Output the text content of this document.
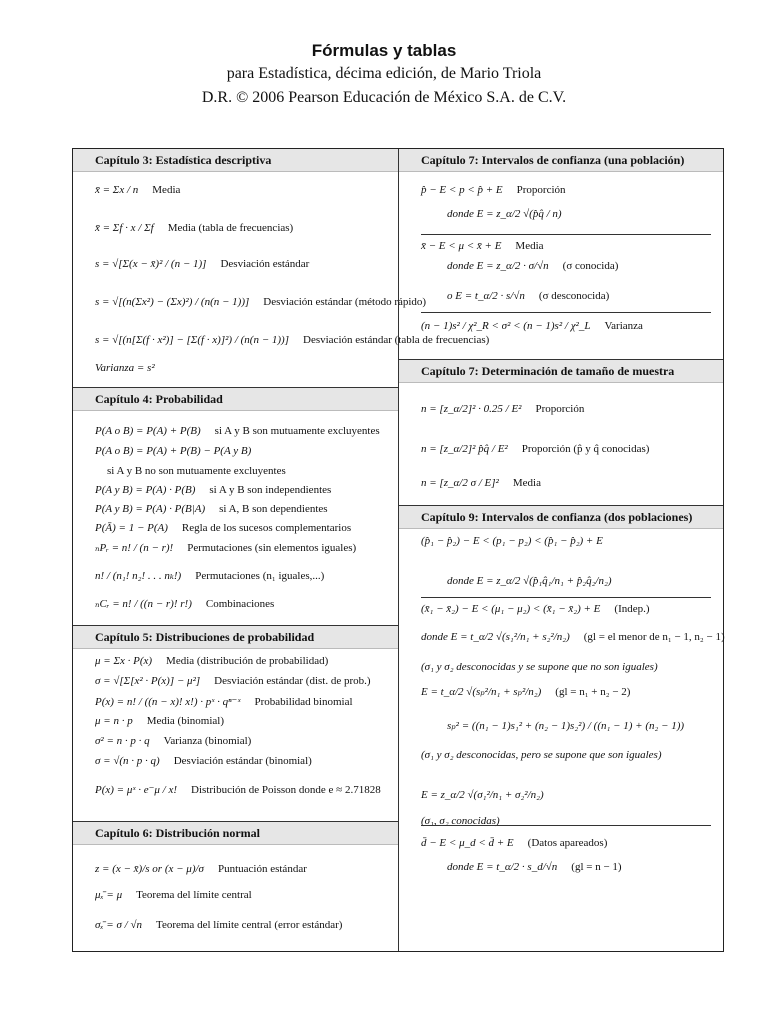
Fórmulas y tablas
para Estadística, décima edición, de Mario Triola
D.R. © 2006 Pearson Educación de México S.A. de C.V.
Capítulo 3: Estadística descriptiva
x̄ = Σx / n Media
x̄ = Σf · x / Σf Media (tabla de frecuencias)
s = √[Σ(x − x̄)² / (n − 1)] Desviación estándar
s = √[(n(Σx²) − (Σx)²) / (n(n − 1))] Desviación estándar (método rápido)
s = √[(n[Σ(f · x²)] − [Σ(f · x)]²) / (n(n − 1))] Desviación estándar (tabla de frecuencias)
Varianza = s²
Capítulo 4: Probabilidad
P(A o B) = P(A) + P(B) si A y B son mutuamente excluyentes
P(A o B) = P(A) + P(B) − P(A y B)
si A y B no son mutuamente excluyentes
P(A y B) = P(A) · P(B) si A y B son independientes
P(A y B) = P(A) · P(B|A) si A, B son dependientes
P(Ā) = 1 − P(A) Regla de los sucesos complementarios
ₙPᵣ = n! / (n − r)! Permutaciones (sin elementos iguales)
n! / (n₁! n₂! . . . nₖ!) Permutaciones (n₁ iguales,...)
ₙCᵣ = n! / ((n − r)! r!) Combinaciones
Capítulo 5: Distribuciones de probabilidad
μ = Σx · P(x) Media (distribución de probabilidad)
σ = √[Σ[x² · P(x)] − μ²] Desviación estándar (dist. de prob.)
P(x) = n! / ((n − x)! x!) · pˣ · qⁿ⁻ˣ Probabilidad binomial
μ = n · p Media (binomial)
σ² = n · p · q Varianza (binomial)
σ = √(n · p · q) Desviación estándar (binomial)
P(x) = μˣ · e⁻μ / x! Distribución de Poisson donde e ≈ 2.71828
Capítulo 6: Distribución normal
z = (x − x̄)/s or (x − μ)/σ Puntuación estándar
μₓ̄ = μ Teorema del límite central
σₓ̄ = σ / √n Teorema del límite central (error estándar)
Capítulo 7: Intervalos de confianza (una población)
p̂ − E < p < p̂ + E Proporción
donde E = z_α/2 √(p̂q̂ / n)
x̄ − E < μ < x̄ + E Media
donde E = z_α/2 · σ/√n (σ conocida)
o E = t_α/2 · s/√n (σ desconocida)
(n − 1)s² / χ²_R < σ² < (n − 1)s² / χ²_L Varianza
Capítulo 7: Determinación de tamaño de muestra
n = [z_α/2]² · 0.25 / E² Proporción
n = [z_α/2]² p̂q̂ / E² Proporción (p̂ y q̂ conocidas)
n = [z_α/2 σ / E]² Media
Capítulo 9: Intervalos de confianza (dos poblaciones)
(p̂₁ − p̂₂) − E < (p₁ − p₂) < (p̂₁ − p̂₂) + E
donde E = z_α/2 √(p̂₁q̂₁/n₁ + p̂₂q̂₂/n₂)
(x̄₁ − x̄₂) − E < (μ₁ − μ₂) < (x̄₁ − x̄₂) + E (Indep.)
donde E = t_α/2 √(s₁²/n₁ + s₂²/n₂) (gl = el menor de n₁ − 1, n₂ − 1)
(σ₁ y σ₂ desconocidas y se supone que no son iguales)
E = t_α/2 √(sₚ²/n₁ + sₚ²/n₂) (gl = n₁ + n₂ − 2)
sₚ² = ((n₁ − 1)s₁² + (n₂ − 1)s₂²) / ((n₁ − 1) + (n₂ − 1))
(σ₁ y σ₂ desconocidas, pero se supone que son iguales)
E = z_α/2 √(σ₁²/n₁ + σ₂²/n₂)
(σ₁, σ₂ conocidas)
d̄ − E < μ_d < d̄ + E (Datos apareados)
donde E = t_α/2 · s_d/√n (gl = n − 1)
